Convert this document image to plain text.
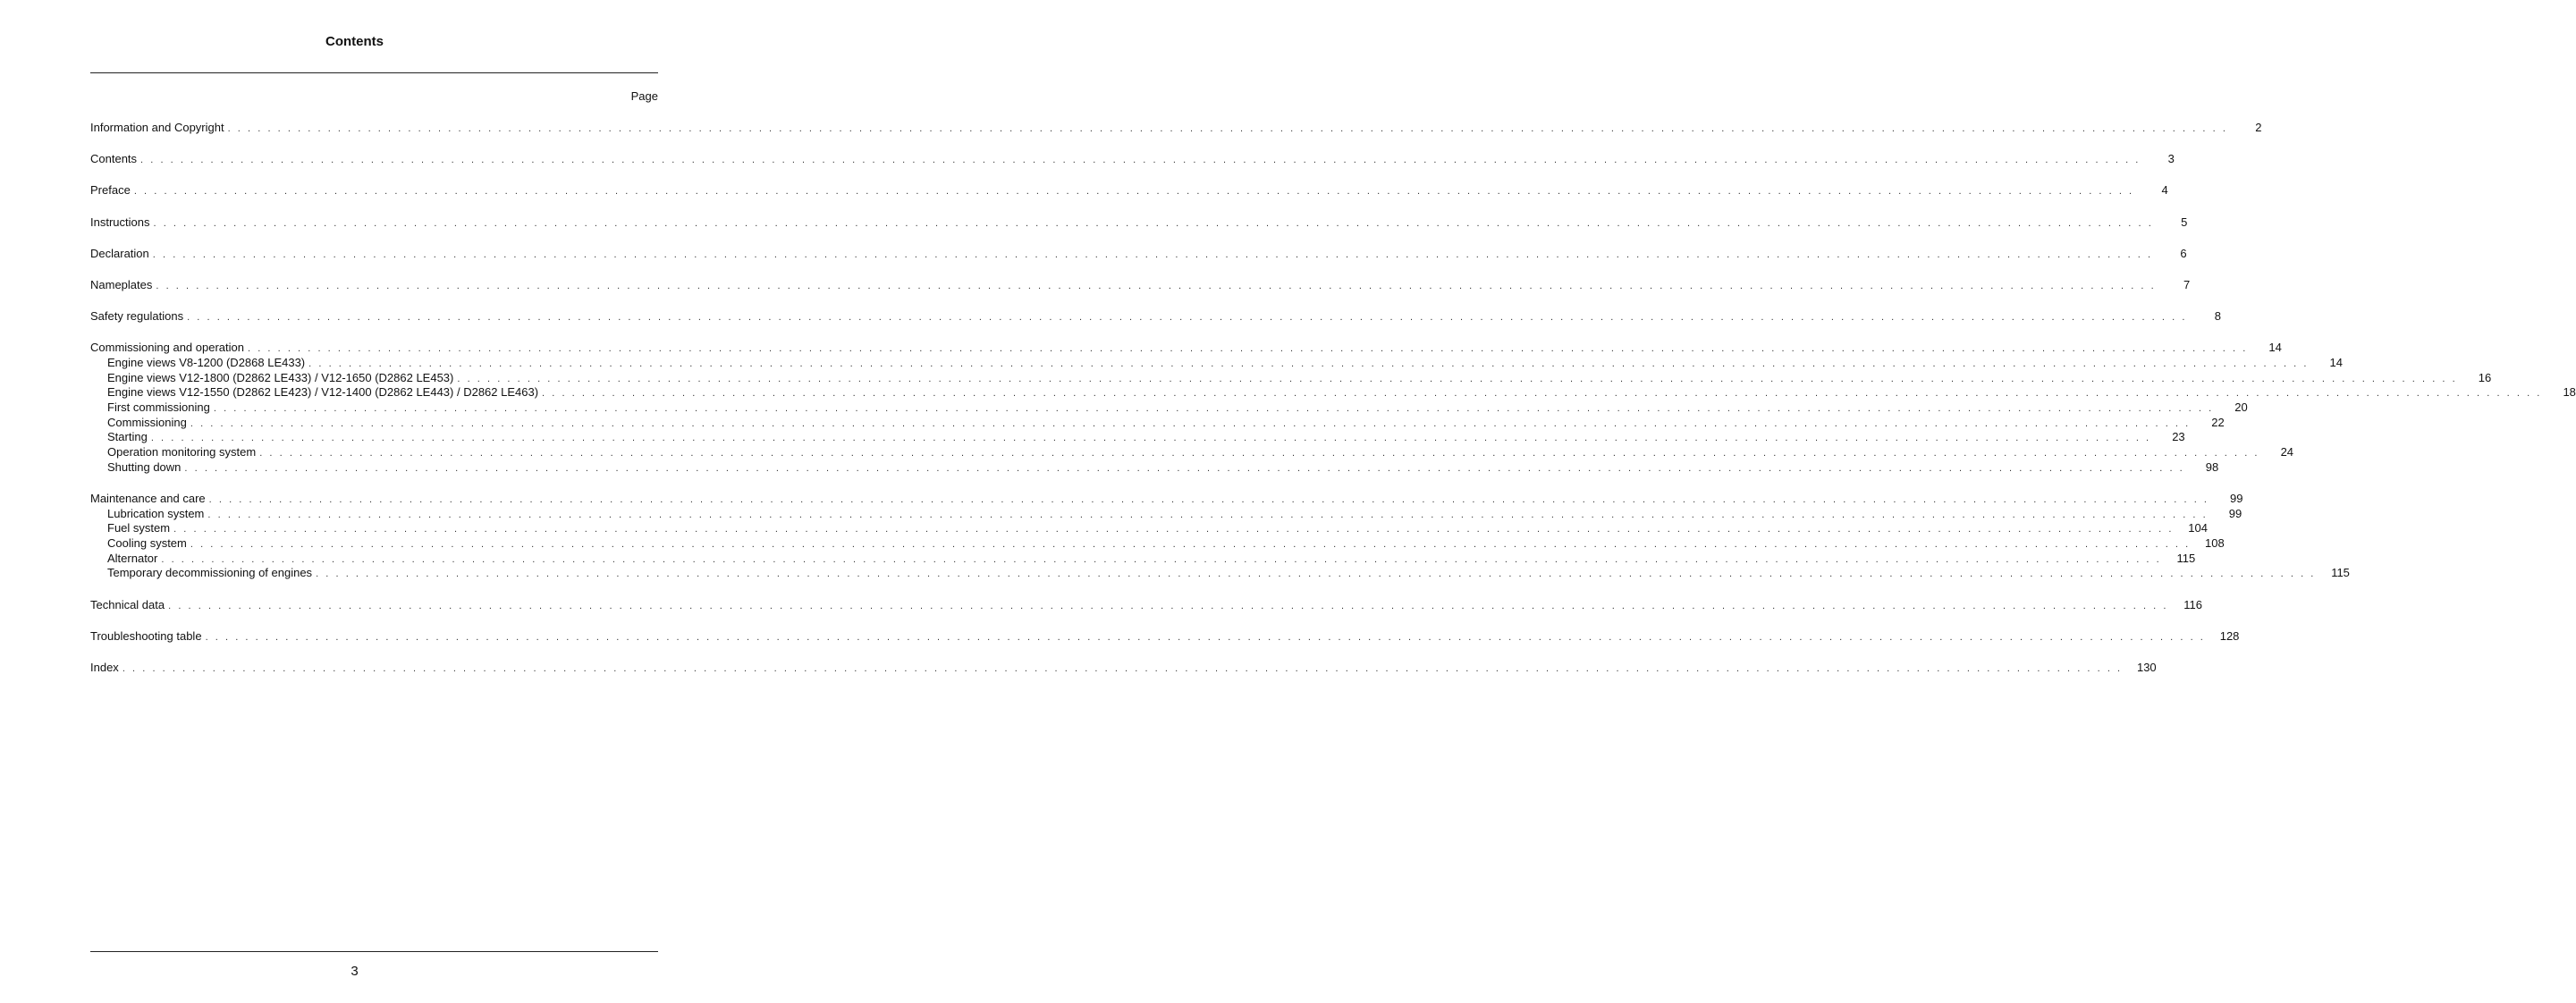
Contents
Page
Information and Copyright . . . . . . . . . . . . . . . . . . . . . . . . . . . . . . . . . . . . . . . . . . . . . . . . . . . . . . . . . . . . . . . . . . . . . . . . . . . . . . . . . . . . . . . . . . . . . . . . . . . . . . . . . . . . . . . . . . . . . . . . . . . . . . . . . . . . . . . . . . . . . . . . . . . . . . . . . . . . . . . . . . . . . . . . . . . . . . . . . . . . . . . . . . . . . . . . . . . . . . . .	2
Contents . . . . . . . . . . . . . . . . . . . . . . . . . . . . . . . . . . . . . . . . . . . . . . . . . . . . . . . . . . . . . . . . . . . . . . . . . . . . . . . . . . . . . . . . . . . . . . . . . . . . . . . . . . . . . . . . . . . . . . . . . . . . . . . . . . . . . . . . . . . . . . . . . . . . . . . . . . . . . . . . . . . . . . . . . . . . . . . . . . . . . . . . . . . . . . . . . . . . . . . .	3
Preface . . . . . . . . . . . . . . . . . . . . . . . . . . . . . . . . . . . . . . . . . . . . . . . . . . . . . . . . . . . . . . . . . . . . . . . . . . . . . . . . . . . . . . . . . . . . . . . . . . . . . . . . . . . . . . . . . . . . . . . . . . . . . . . . . . . . . . . . . . . . . . . . . . . . . . . . . . . . . . . . . . . . . . . . . . . . . . . . . . . . . . . . . . . . . . . . . . . . . . . .	4
Instructions . . . . . . . . . . . . . . . . . . . . . . . . . . . . . . . . . . . . . . . . . . . . . . . . . . . . . . . . . . . . . . . . . . . . . . . . . . . . . . . . . . . . . . . . . . . . . . . . . . . . . . . . . . . . . . . . . . . . . . . . . . . . . . . . . . . . . . . . . . . . . . . . . . . . . . . . . . . . . . . . . . . . . . . . . . . . . . . . . . . . . . . . . . . . . . . . . . . . . . . .	5
Declaration . . . . . . . . . . . . . . . . . . . . . . . . . . . . . . . . . . . . . . . . . . . . . . . . . . . . . . . . . . . . . . . . . . . . . . . . . . . . . . . . . . . . . . . . . . . . . . . . . . . . . . . . . . . . . . . . . . . . . . . . . . . . . . . . . . . . . . . . . . . . . . . . . . . . . . . . . . . . . . . . . . . . . . . . . . . . . . . . . . . . . . . . . . . . . . . . . . . . . . . .	6
Nameplates . . . . . . . . . . . . . . . . . . . . . . . . . . . . . . . . . . . . . . . . . . . . . . . . . . . . . . . . . . . . . . . . . . . . . . . . . . . . . . . . . . . . . . . . . . . . . . . . . . . . . . . . . . . . . . . . . . . . . . . . . . . . . . . . . . . . . . . . . . . . . . . . . . . . . . . . . . . . . . . . . . . . . . . . . . . . . . . . . . . . . . . . . . . . . . . . . . . . . . . .	7
Safety regulations . . . . . . . . . . . . . . . . . . . . . . . . . . . . . . . . . . . . . . . . . . . . . . . . . . . . . . . . . . . . . . . . . . . . . . . . . . . . . . . . . . . . . . . . . . . . . . . . . . . . . . . . . . . . . . . . . . . . . . . . . . . . . . . . . . . . . . . . . . . . . . . . . . . . . . . . . . . . . . . . . . . . . . . . . . . . . . . . . . . . . . . . . . . . . . . . . . . . . . . .	8
Commissioning and operation . . . . . . . . . . . . . . . . . . . . . . . . . . . . . . . . . . . . . . . . . . . . . . . . . . . . . . . . . . . . . . . . . . . . . . . . . . . . . . . . . . . . . . . . . . . . . . . . . . . . . . . . . . . . . . . . . . . . . . . . . . . . . . . . . . . . . . . . . . . . . . . . . . . . . . . . . . . . . . . . . . . . . . . . . . . . . . . . . . . . . . . . . . . . . . . . . . . . . . . .	14
Engine views V8-1200 (D2868 LE433) . . . . . . . . . . . . . . . . . . . . . . . . . . . . . . . . . . . . . . . . . . . . . . . . . . . . . . . . . . . . . . . . . . . . . . . . . . . . . . . . . . . . . . . . . . . . . . . . . . . . . . . . . . . . . . . . . . . . . . . . . . . . . . . . . . . . . . . . . . . . . . . . . . . . . . . . . . . . . . . . . . . . . . . . . . . . . . . . . . . . . . . . . . . . . . . . . . . . . . . .	14
Engine views V12-1800 (D2862 LE433) / V12-1650 (D2862 LE453) . . . . . . . . . . . . . . . . . . . . . . . . . . . . . . . . . . . . . . . . . . . . . . . . . . . . . . . . . . . . . . . . . . . . . . . . . . . . . . . . . . . . . . . . . . . . . . . . . . . . . . . . . . . . . . . . . . . . . . . . . . . . . . . . . . . . . . . . . . . . . . . . . . . . . . . . . . . . . . . . . . . . . . . . . . . . . . . . . . . . . . . . . . . . . . . . . . . . . . . .	16
Engine views V12-1550 (D2862 LE423) / V12-1400 (D2862 LE443) / D2862 LE463) . . . . . . . . . . . . . . . . . . . . . . . . . . . . . . . . . . . . . . . . . . . . . . . . . . . . . . . . . . . . . . . . . . . . . . . . . . . . . . . . . . . . . . . . . . . . . . . . . . . . . . . . . . . . . . . . . . . . . . . . . . . . . . . . . . . . . . . . . . . . . . . . . . . . . . . . . . . . . . . . . . . . . . . . . . . . . . . . . . . . . . . . . . . . . . . . . . . . . . . .	18
First commissioning . . . . . . . . . . . . . . . . . . . . . . . . . . . . . . . . . . . . . . . . . . . . . . . . . . . . . . . . . . . . . . . . . . . . . . . . . . . . . . . . . . . . . . . . . . . . . . . . . . . . . . . . . . . . . . . . . . . . . . . . . . . . . . . . . . . . . . . . . . . . . . . . . . . . . . . . . . . . . . . . . . . . . . . . . . . . . . . . . . . . . . . . . . . . . . . . . . . . . . . .	20
Commissioning . . . . . . . . . . . . . . . . . . . . . . . . . . . . . . . . . . . . . . . . . . . . . . . . . . . . . . . . . . . . . . . . . . . . . . . . . . . . . . . . . . . . . . . . . . . . . . . . . . . . . . . . . . . . . . . . . . . . . . . . . . . . . . . . . . . . . . . . . . . . . . . . . . . . . . . . . . . . . . . . . . . . . . . . . . . . . . . . . . . . . . . . . . . . . . . . . . . . . . . .	22
Starting . . . . . . . . . . . . . . . . . . . . . . . . . . . . . . . . . . . . . . . . . . . . . . . . . . . . . . . . . . . . . . . . . . . . . . . . . . . . . . . . . . . . . . . . . . . . . . . . . . . . . . . . . . . . . . . . . . . . . . . . . . . . . . . . . . . . . . . . . . . . . . . . . . . . . . . . . . . . . . . . . . . . . . . . . . . . . . . . . . . . . . . . . . . . . . . . . . . . . . . .	23
Operation monitoring system . . . . . . . . . . . . . . . . . . . . . . . . . . . . . . . . . . . . . . . . . . . . . . . . . . . . . . . . . . . . . . . . . . . . . . . . . . . . . . . . . . . . . . . . . . . . . . . . . . . . . . . . . . . . . . . . . . . . . . . . . . . . . . . . . . . . . . . . . . . . . . . . . . . . . . . . . . . . . . . . . . . . . . . . . . . . . . . . . . . . . . . . . . . . . . . . . . . . . . . .	24
Shutting down . . . . . . . . . . . . . . . . . . . . . . . . . . . . . . . . . . . . . . . . . . . . . . . . . . . . . . . . . . . . . . . . . . . . . . . . . . . . . . . . . . . . . . . . . . . . . . . . . . . . . . . . . . . . . . . . . . . . . . . . . . . . . . . . . . . . . . . . . . . . . . . . . . . . . . . . . . . . . . . . . . . . . . . . . . . . . . . . . . . . . . . . . . . . . . . . . . . . . . . .	98
Maintenance and care . . . . . . . . . . . . . . . . . . . . . . . . . . . . . . . . . . . . . . . . . . . . . . . . . . . . . . . . . . . . . . . . . . . . . . . . . . . . . . . . . . . . . . . . . . . . . . . . . . . . . . . . . . . . . . . . . . . . . . . . . . . . . . . . . . . . . . . . . . . . . . . . . . . . . . . . . . . . . . . . . . . . . . . . . . . . . . . . . . . . . . . . . . . . . . . . . . . . . . . .	99
Lubrication system . . . . . . . . . . . . . . . . . . . . . . . . . . . . . . . . . . . . . . . . . . . . . . . . . . . . . . . . . . . . . . . . . . . . . . . . . . . . . . . . . . . . . . . . . . . . . . . . . . . . . . . . . . . . . . . . . . . . . . . . . . . . . . . . . . . . . . . . . . . . . . . . . . . . . . . . . . . . . . . . . . . . . . . . . . . . . . . . . . . . . . . . . . . . . . . . . . . . . . . .	99
Fuel system . . . . . . . . . . . . . . . . . . . . . . . . . . . . . . . . . . . . . . . . . . . . . . . . . . . . . . . . . . . . . . . . . . . . . . . . . . . . . . . . . . . . . . . . . . . . . . . . . . . . . . . . . . . . . . . . . . . . . . . . . . . . . . . . . . . . . . . . . . . . . . . . . . . . . . . . . . . . . . . . . . . . . . . . . . . . . . . . . . . . . . . . . . . . . . . . . . . . . . . .	104
Cooling system . . . . . . . . . . . . . . . . . . . . . . . . . . . . . . . . . . . . . . . . . . . . . . . . . . . . . . . . . . . . . . . . . . . . . . . . . . . . . . . . . . . . . . . . . . . . . . . . . . . . . . . . . . . . . . . . . . . . . . . . . . . . . . . . . . . . . . . . . . . . . . . . . . . . . . . . . . . . . . . . . . . . . . . . . . . . . . . . . . . . . . . . . . . . . . . . . . . . . . . .	108
Alternator . . . . . . . . . . . . . . . . . . . . . . . . . . . . . . . . . . . . . . . . . . . . . . . . . . . . . . . . . . . . . . . . . . . . . . . . . . . . . . . . . . . . . . . . . . . . . . . . . . . . . . . . . . . . . . . . . . . . . . . . . . . . . . . . . . . . . . . . . . . . . . . . . . . . . . . . . . . . . . . . . . . . . . . . . . . . . . . . . . . . . . . . . . . . . . . . . . . . . . . .	115
Temporary decommissioning of engines . . . . . . . . . . . . . . . . . . . . . . . . . . . . . . . . . . . . . . . . . . . . . . . . . . . . . . . . . . . . . . . . . . . . . . . . . . . . . . . . . . . . . . . . . . . . . . . . . . . . . . . . . . . . . . . . . . . . . . . . . . . . . . . . . . . . . . . . . . . . . . . . . . . . . . . . . . . . . . . . . . . . . . . . . . . . . . . . . . . . . . . . . . . . . . . . . . . . . . . .	115
Technical data . . . . . . . . . . . . . . . . . . . . . . . . . . . . . . . . . . . . . . . . . . . . . . . . . . . . . . . . . . . . . . . . . . . . . . . . . . . . . . . . . . . . . . . . . . . . . . . . . . . . . . . . . . . . . . . . . . . . . . . . . . . . . . . . . . . . . . . . . . . . . . . . . . . . . . . . . . . . . . . . . . . . . . . . . . . . . . . . . . . . . . . . . . . . . . . . . . . . . . . .	116
Troubleshooting table . . . . . . . . . . . . . . . . . . . . . . . . . . . . . . . . . . . . . . . . . . . . . . . . . . . . . . . . . . . . . . . . . . . . . . . . . . . . . . . . . . . . . . . . . . . . . . . . . . . . . . . . . . . . . . . . . . . . . . . . . . . . . . . . . . . . . . . . . . . . . . . . . . . . . . . . . . . . . . . . . . . . . . . . . . . . . . . . . . . . . . . . . . . . . . . . . . . . . . . .	128
Index . . . . . . . . . . . . . . . . . . . . . . . . . . . . . . . . . . . . . . . . . . . . . . . . . . . . . . . . . . . . . . . . . . . . . . . . . . . . . . . . . . . . . . . . . . . . . . . . . . . . . . . . . . . . . . . . . . . . . . . . . . . . . . . . . . . . . . . . . . . . . . . . . . . . . . . . . . . . . . . . . . . . . . . . . . . . . . . . . . . . . . . . . . . . . . . . . . . . . . . .	130
3
